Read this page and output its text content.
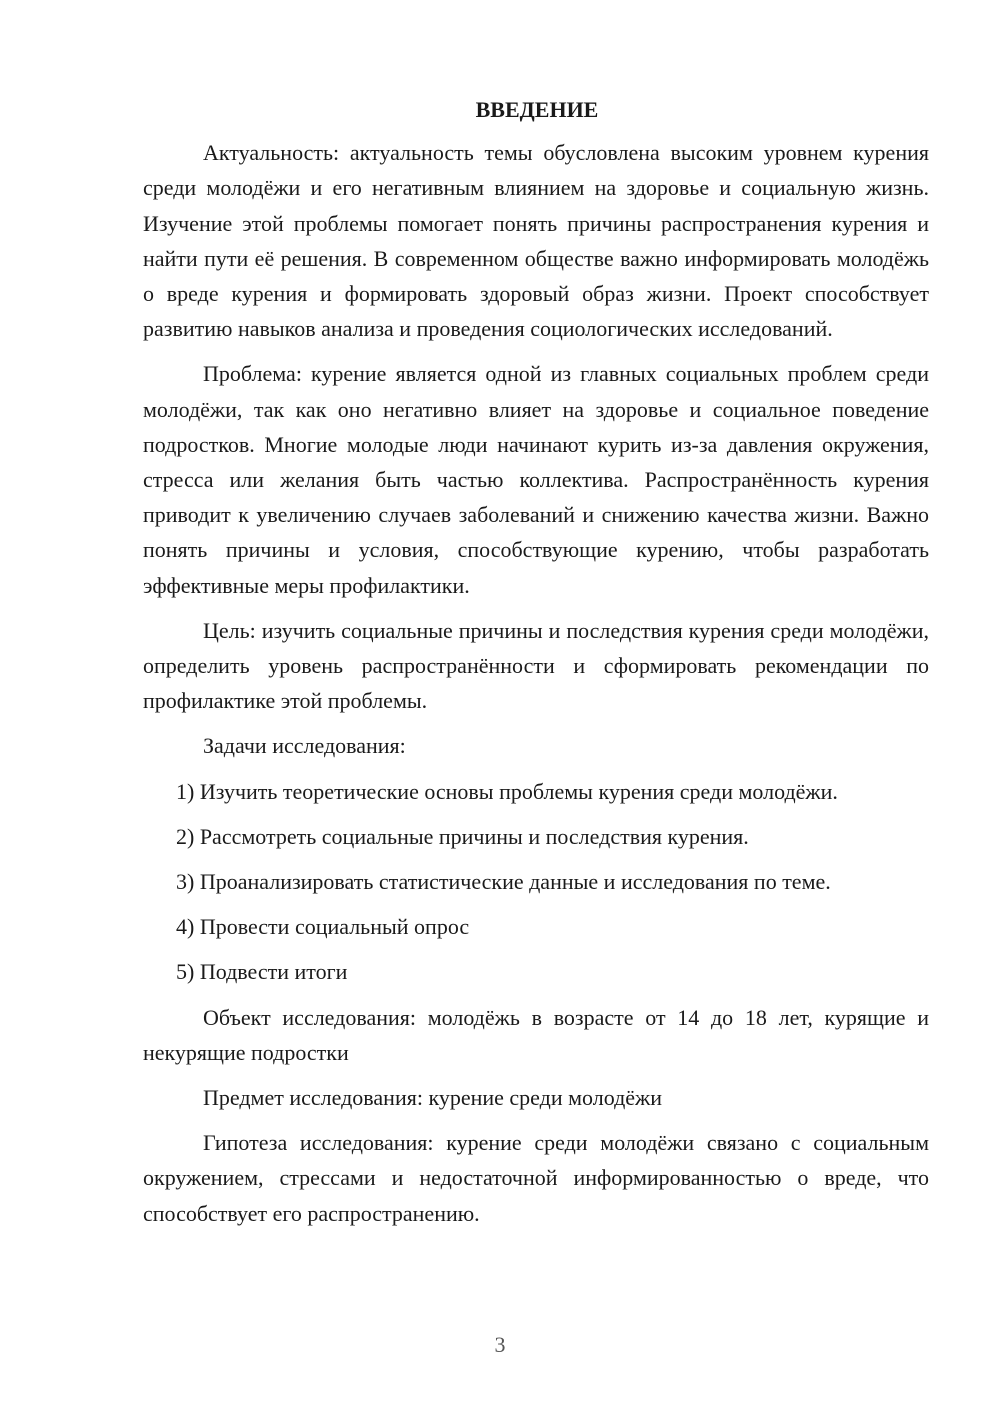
ВВЕДЕНИЕ

Актуальность: актуальность темы обусловлена высоким уровнем курения среди молодёжи и его негативным влиянием на здоровье и социальную жизнь. Изучение этой проблемы помогает понять причины распространения курения и найти пути её решения. В современном обществе важно информировать молодёжь о вреде курения и формировать здоровый образ жизни. Проект способствует развитию навыков анализа и проведения социологических исследований.

Проблема: курение является одной из главных социальных проблем среди молодёжи, так как оно негативно влияет на здоровье и социальное поведение подростков. Многие молодые люди начинают курить из-за давления окружения, стресса или желания быть частью коллектива. Распространённость курения приводит к увеличению случаев заболеваний и снижению качества жизни. Важно понять причины и условия, способствующие курению, чтобы разработать эффективные меры профилактики.

Цель: изучить социальные причины и последствия курения среди молодёжи, определить уровень распространённости и сформировать рекомендации по профилактике этой проблемы.

Задачи исследования:

1) Изучить теоретические основы проблемы курения среди молодёжи.

2) Рассмотреть социальные причины и последствия курения.

3) Проанализировать статистические данные и исследования по теме.

4) Провести социальный опрос

5) Подвести итоги

Объект исследования: молодёжь в возрасте от 14 до 18 лет, курящие и некурящие подростки

Предмет исследования: курение среди молодёжи

Гипотеза исследования: курение среди молодёжи связано с социальным окружением, стрессами и недостаточной информированностью о вреде, что способствует его распространению.

3
